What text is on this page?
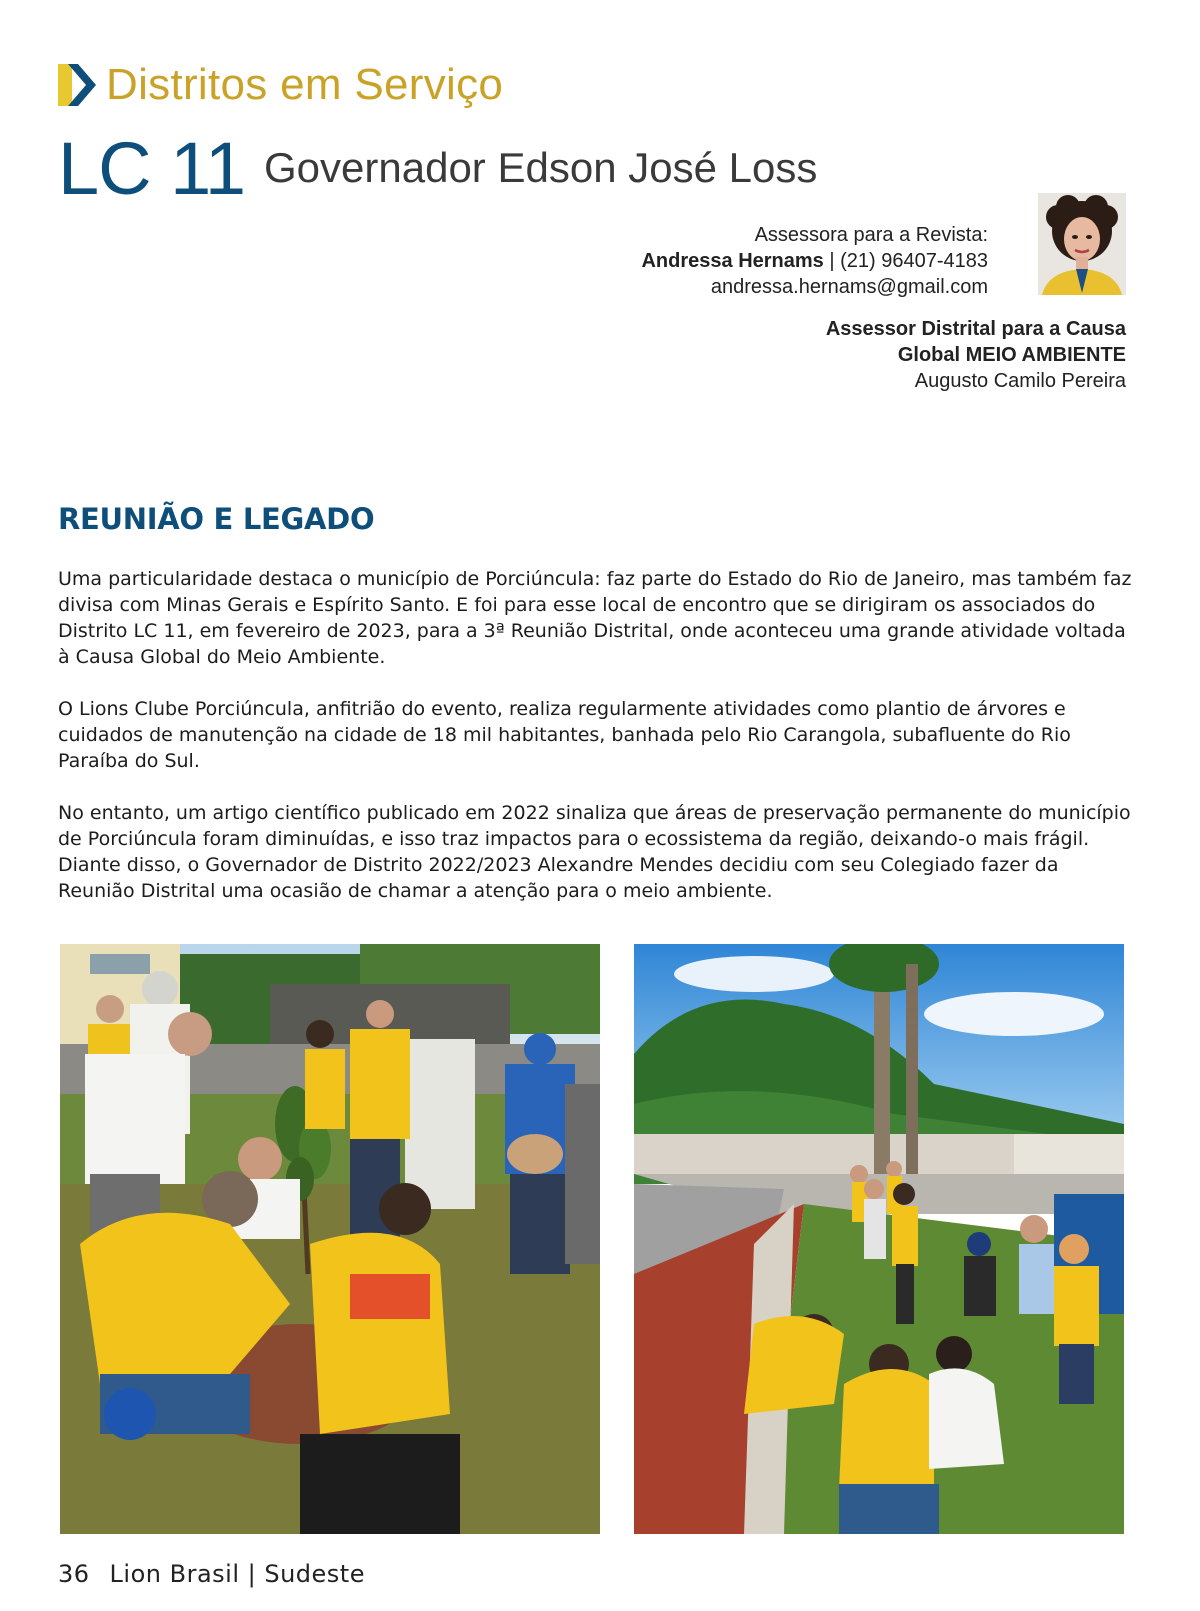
Distritos em Serviço
LC 11 Governador Edson José Loss
Assessora para a Revista:
Andressa Hernams | (21) 96407-4183
andressa.hernams@gmail.com
Assessor Distrital para a Causa
Global MEIO AMBIENTE
Augusto Camilo Pereira
REUNIÃO E LEGADO

Uma particularidade destaca o município de Porciúncula: faz parte do Estado do Rio de Janeiro, mas também faz divisa com Minas Gerais e Espírito Santo. E foi para esse local de encontro que se dirigiram os associados do Distrito LC 11, em fevereiro de 2023, para a 3ª Reunião Distrital, onde aconteceu uma grande atividade voltada à Causa Global do Meio Ambiente.

O Lions Clube Porciúncula, anfitrião do evento, realiza regularmente atividades como plantio de árvores e cuidados de manutenção na cidade de 18 mil habitantes, banhada pelo Rio Carangola, subafluente do Rio Paraíba do Sul.

No entanto, um artigo científico publicado em 2022 sinaliza que áreas de preservação permanente do município de Porciúncula foram diminuídas, e isso traz impactos para o ecossistema da região, deixando-o mais frágil. Diante disso, o Governador de Distrito 2022/2023 Alexandre Mendes decidiu com seu Colegiado fazer da Reunião Distrital uma ocasião de chamar a atenção para o meio ambiente.

36 Lion Brasil | Sudeste
